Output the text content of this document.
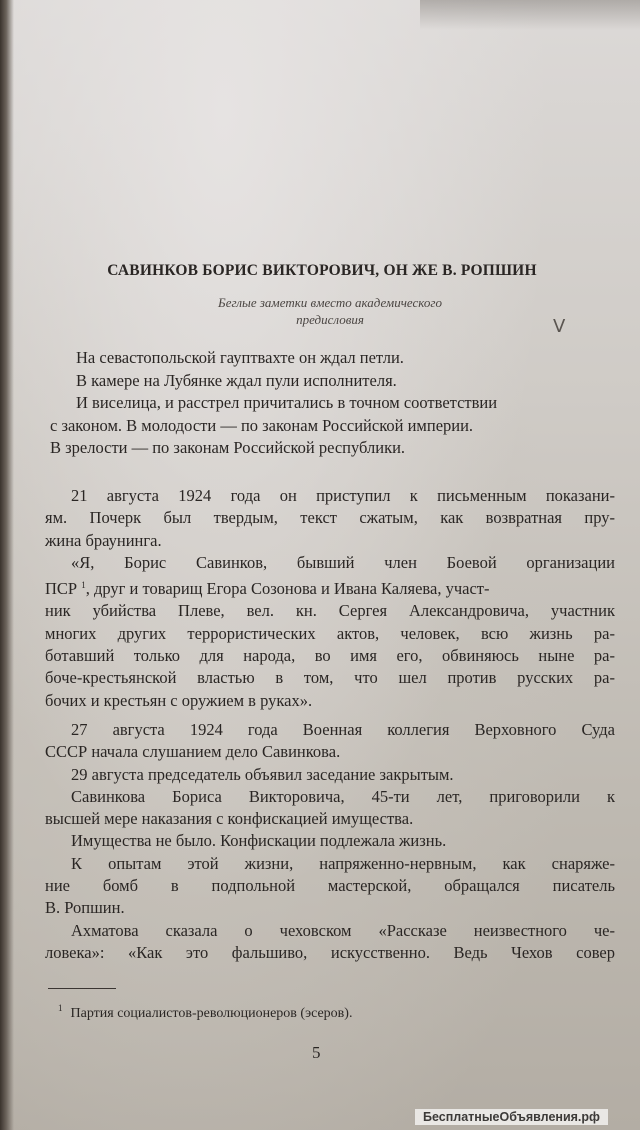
САВИНКОВ БОРИС ВИКТОРОВИЧ, ОН ЖЕ В. РОПШИН
Беглые заметки вместо академического
предисловия	V
На севастопольской гауптвахте он ждал петли.
В камере на Лубянке ждал пули исполнителя.
И виселица, и расстрел причитались в точном соответствии
с законом. В молодости — по законам Российской империи.
В зрелости — по законам Российской республики.
21 августа 1924 года он приступил к письменным показани-
ям. Почерк был твердым, текст сжатым, как возвратная пру-
жина браунинга.
«Я, Борис Савинков, бывший член Боевой организации
ПСР $^1$, друг и товарищ Егора Созонова и Ивана Каляева, участ-
ник убийства Плеве, вел. кн. Сергея Александровича, участник
многих других террористических актов, человек, всю жизнь ра-
ботавший только для народа, во имя его, обвиняюсь ныне ра-
боче-крестьянской властью в том, что шел против русских ра-
бочих и крестьян с оружием в руках».
27 августа 1924 года Военная коллегия Верховного Суда
СССР начала слушанием дело Савинкова.
29 августа председатель объявил заседание закрытым.
Савинкова Бориса Викторовича, 45-ти лет, приговорили к
высшей мере наказания с конфискацией имущества.
Имущества не было. Конфискации подлежала жизнь.
К опытам этой жизни, напряженно-нервным, как снаряже-
ние бомб в подпольной мастерской, обращался писатель
В. Ропшин.
Ахматова сказала о чеховском «Рассказе неизвестного че-
ловека»: «Как это фальшиво, искусственно. Ведь Чехов совер
$^1$ Партия социалистов-революционеров (эсеров).
5
БесплатныеОбъявления.рф
